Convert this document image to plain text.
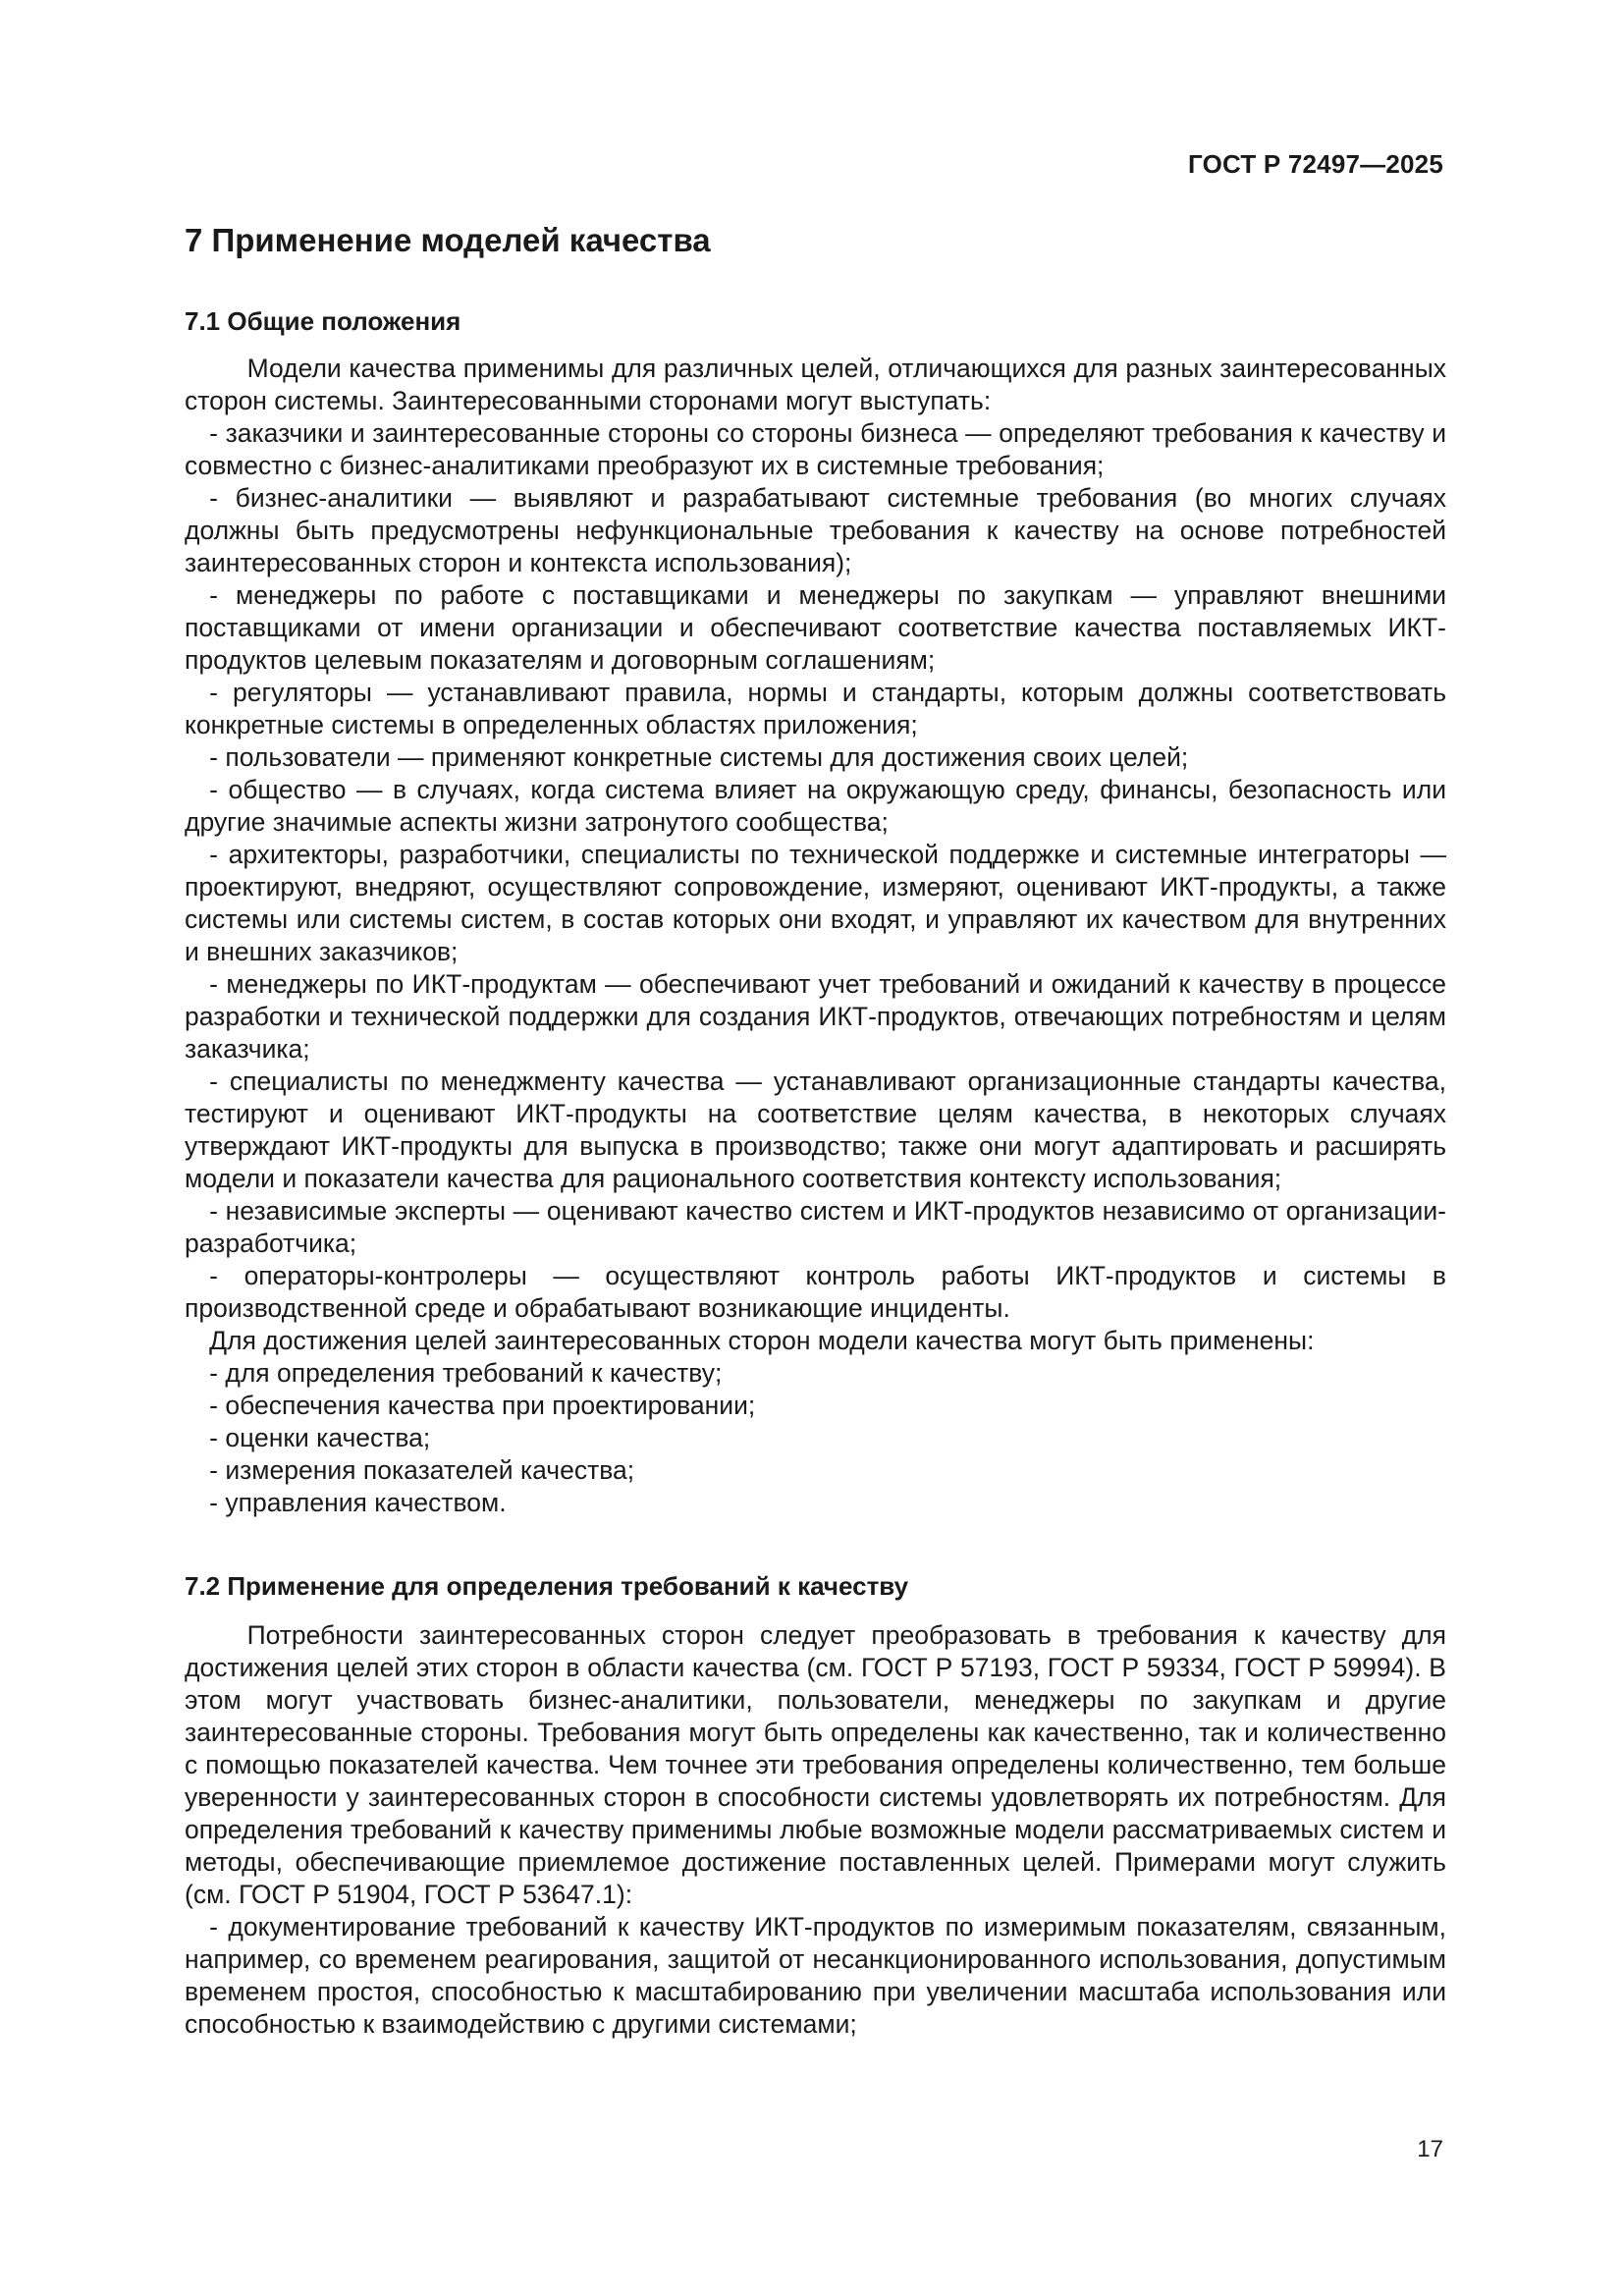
ГОСТ Р 72497—2025
7 Применение моделей качества
7.1 Общие положения

Модели качества применимы для различных целей, отличающихся для разных заинтересованных сторон системы. Заинтересованными сторонами могут выступать:

- заказчики и заинтересованные стороны со стороны бизнеса — определяют требования к качеству и совместно с бизнес-аналитиками преобразуют их в системные требования;

- бизнес-аналитики — выявляют и разрабатывают системные требования (во многих случаях должны быть предусмотрены нефункциональные требования к качеству на основе потребностей заинтересованных сторон и контекста использования);

- менеджеры по работе с поставщиками и менеджеры по закупкам — управляют внешними поставщиками от имени организации и обеспечивают соответствие качества поставляемых ИКТ-продуктов целевым показателям и договорным соглашениям;

- регуляторы — устанавливают правила, нормы и стандарты, которым должны соответствовать конкретные системы в определенных областях приложения;

- пользователи — применяют конкретные системы для достижения своих целей;

- общество — в случаях, когда система влияет на окружающую среду, финансы, безопасность или другие значимые аспекты жизни затронутого сообщества;

- архитекторы, разработчики, специалисты по технической поддержке и системные интеграторы — проектируют, внедряют, осуществляют сопровождение, измеряют, оценивают ИКТ-продукты, а также системы или системы систем, в состав которых они входят, и управляют их качеством для внутренних и внешних заказчиков;

- менеджеры по ИКТ-продуктам — обеспечивают учет требований и ожиданий к качеству в процессе разработки и технической поддержки для создания ИКТ-продуктов, отвечающих потребностям и целям заказчика;

- специалисты по менеджменту качества — устанавливают организационные стандарты качества, тестируют и оценивают ИКТ-продукты на соответствие целям качества, в некоторых случаях утверждают ИКТ-продукты для выпуска в производство; также они могут адаптировать и расширять модели и показатели качества для рационального соответствия контексту использования;

- независимые эксперты — оценивают качество систем и ИКТ-продуктов независимо от организации-разработчика;

- операторы-контролеры — осуществляют контроль работы ИКТ-продуктов и системы в производственной среде и обрабатывают возникающие инциденты.

Для достижения целей заинтересованных сторон модели качества могут быть применены:

- для определения требований к качеству;

- обеспечения качества при проектировании;

- оценки качества;

- измерения показателей качества;

- управления качеством.

7.2 Применение для определения требований к качеству

Потребности заинтересованных сторон следует преобразовать в требования к качеству для достижения целей этих сторон в области качества (см. ГОСТ Р 57193, ГОСТ Р 59334, ГОСТ Р 59994). В этом могут участвовать бизнес-аналитики, пользователи, менеджеры по закупкам и другие заинтересованные стороны. Требования могут быть определены как качественно, так и количественно с помощью показателей качества. Чем точнее эти требования определены количественно, тем больше уверенности у заинтересованных сторон в способности системы удовлетворять их потребностям. Для определения требований к качеству применимы любые возможные модели рассматриваемых систем и методы, обеспечивающие приемлемое достижение поставленных целей. Примерами могут служить (см. ГОСТ Р 51904, ГОСТ Р 53647.1):

- документирование требований к качеству ИКТ-продуктов по измеримым показателям, связанным, например, со временем реагирования, защитой от несанкционированного использования, допустимым временем простоя, способностью к масштабированию при увеличении масштаба использования или способностью к взаимодействию с другими системами;

17
